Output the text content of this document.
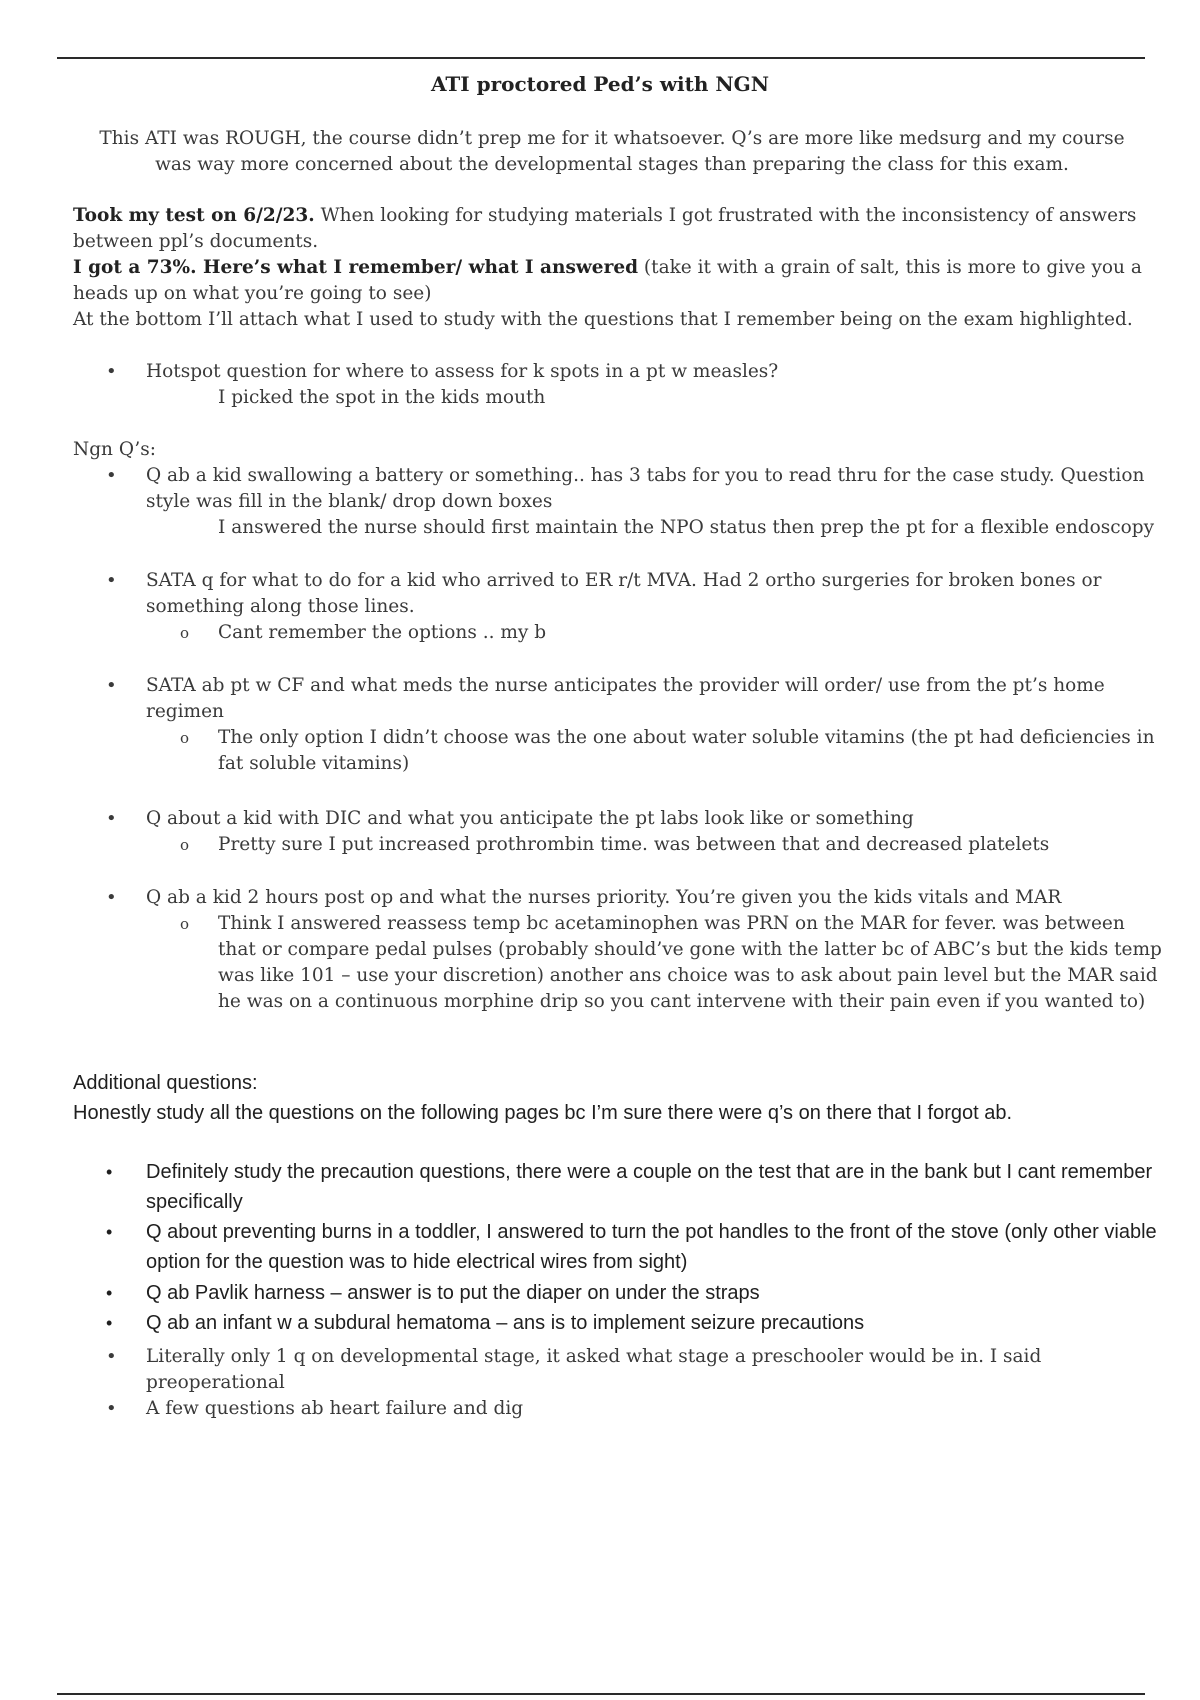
ATI proctored Ped’s with NGN
This ATI was ROUGH, the course didn’t prep me for it whatsoever. Q’s are more like medsurg and my course was way more concerned about the developmental stages than preparing the class for this exam.
Took my test on 6/2/23. When looking for studying materials I got frustrated with the inconsistency of answers between ppl’s documents.
I got a 73%. Here’s what I remember/ what I answered (take it with a grain of salt, this is more to give you a heads up on what you’re going to see)
At the bottom I’ll attach what I used to study with the questions that I remember being on the exam highlighted.
•	Hotspot question for where to assess for k spots in a pt w measles?
I picked the spot in the kids mouth
Ngn Q’s:
•	Q ab a kid swallowing a battery or something.. has 3 tabs for you to read thru for the case study. Question style was fill in the blank/ drop down boxes
I answered the nurse should first maintain the NPO status then prep the pt for a flexible endoscopy
•	SATA q for what to do for a kid who arrived to ER r/t MVA. Had 2 ortho surgeries for broken bones or something along those lines.
o Cant remember the options .. my b
•	SATA ab pt w CF and what meds the nurse anticipates the provider will order/ use from the pt’s home regimen
o The only option I didn’t choose was the one about water soluble vitamins (the pt had deficiencies in fat soluble vitamins)
•	Q about a kid with DIC and what you anticipate the pt labs look like or something
o Pretty sure I put increased prothrombin time. was between that and decreased platelets
•	Q ab a kid 2 hours post op and what the nurses priority. You’re given you the kids vitals and MAR
o Think I answered reassess temp bc acetaminophen was PRN on the MAR for fever. was between that or compare pedal pulses (probably should’ve gone with the latter bc of ABC’s but the kids temp was like 101 – use your discretion) another ans choice was to ask about pain level but the MAR said he was on a continuous morphine drip so you cant intervene with their pain even if you wanted to)
Additional questions:
Honestly study all the questions on the following pages bc I’m sure there were q’s on there that I forgot ab.
•	Definitely study the precaution questions, there were a couple on the test that are in the bank but I cant remember specifically
•	Q about preventing burns in a toddler, I answered to turn the pot handles to the front of the stove (only other viable option for the question was to hide electrical wires from sight)
•	Q ab Pavlik harness – answer is to put the diaper on under the straps
•	Q ab an infant w a subdural hematoma – ans is to implement seizure precautions
•	Literally only 1 q on developmental stage, it asked what stage a preschooler would be in. I said preoperational
•	A few questions ab heart failure and dig
